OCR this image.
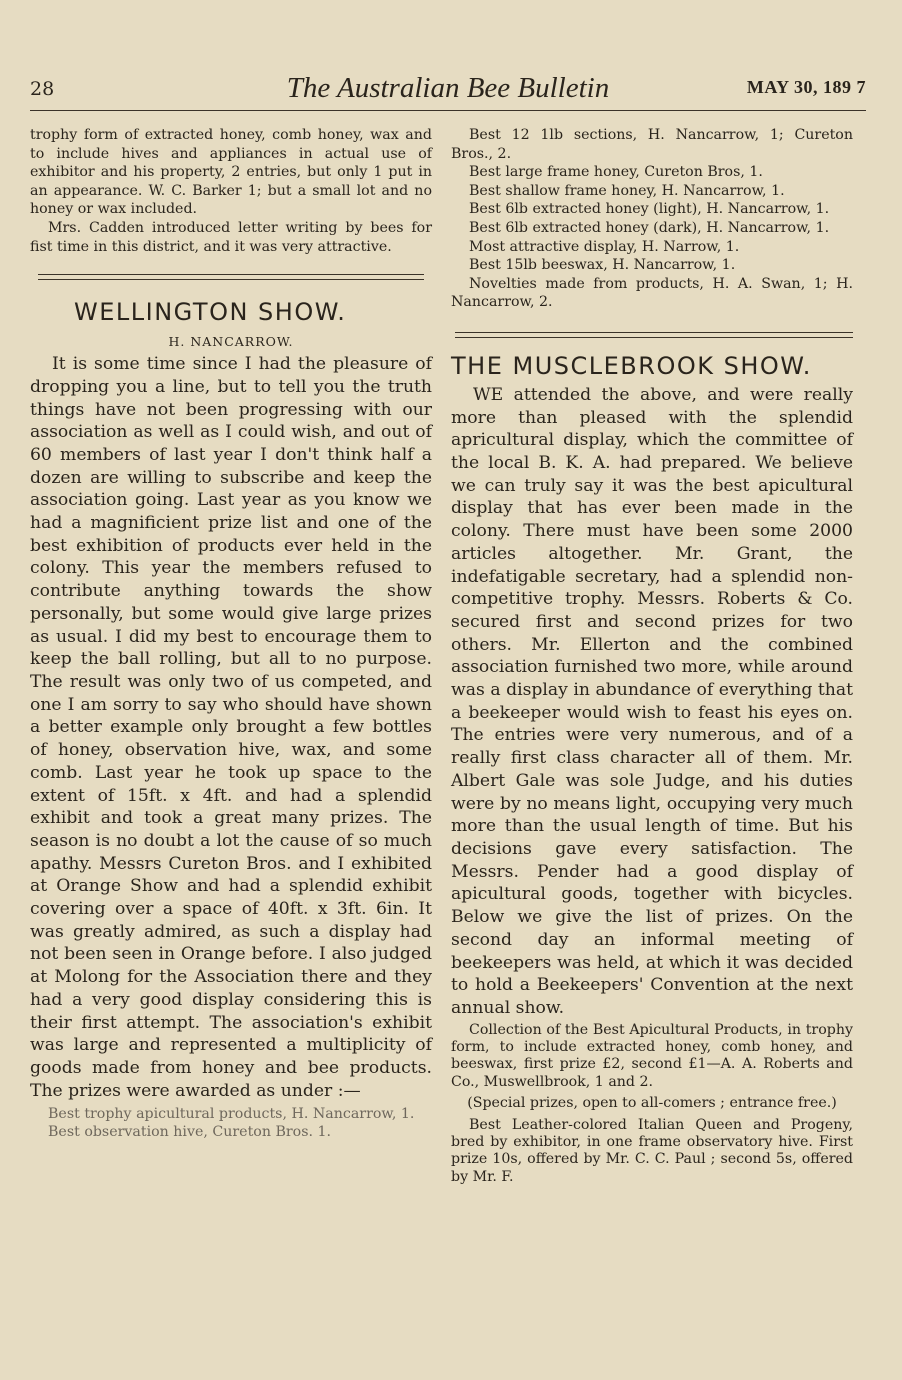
28	The Australian Bee Bulletin	MAY 30, 189 7

trophy form of extracted honey, comb honey, wax and to include hives and appliances in actual use of exhibitor and his property, 2 entries, but only 1 put in an appearance. W. C. Barker 1; but a small lot and no honey or wax included.

Mrs. Cadden introduced letter writing by bees for fist time in this district, and it was very attractive.

WELLINGTON SHOW.
H. NANCARROW.

It is some time since I had the pleasure of dropping you a line, but to tell you the truth things have not been progressing with our association as well as I could wish, and out of 60 members of last year I don't think half a dozen are willing to subscribe and keep the association going. Last year as you know we had a magnificient prize list and one of the best exhibition of products ever held in the colony. This year the members refused to contribute anything towards the show personally, but some would give large prizes as usual. I did my best to encourage them to keep the ball rolling, but all to no purpose. The result was only two of us competed, and one I am sorry to say who should have shown a better example only brought a few bottles of honey, observation hive, wax, and some comb. Last year he took up space to the extent of 15ft. x 4ft. and had a splendid exhibit and took a great many prizes. The season is no doubt a lot the cause of so much apathy. Messrs Cureton Bros. and I exhibited at Orange Show and had a splendid exhibit covering over a space of 40ft. x 3ft. 6in. It was greatly admired, as such a display had not been seen in Orange before. I also judged at Molong for the Association there and they had a very good display considering this is their first attempt. The association's exhibit was large and represented a multiplicity of goods made from honey and bee products. The prizes were awarded as under :—

Best trophy apicultural products, H. Nancarrow, 1.

Best observation hive, Cureton Bros. 1.

Best 12 1lb sections, H. Nancarrow, 1; Cureton Bros., 2.

Best large frame honey, Cureton Bros, 1.

Best shallow frame honey, H. Nancarrow, 1.

Best 6lb extracted honey (light), H. Nancarrow, 1.

Best 6lb extracted honey (dark), H. Nancarrow, 1.

Most attractive display, H. Narrow, 1.

Best 15lb beeswax, H. Nancarrow, 1.

Novelties made from products, H. A. Swan, 1; H. Nancarrow, 2.

THE MUSCLEBROOK SHOW.

WE attended the above, and were really more than pleased with the splendid apricultural display, which the committee of the local B. K. A. had prepared. We believe we can truly say it was the best apicultural display that has ever been made in the colony. There must have been some 2000 articles altogether. Mr. Grant, the indefatigable secretary, had a splendid non-competitive trophy. Messrs. Roberts & Co. secured first and second prizes for two others. Mr. Ellerton and the combined association furnished two more, while around was a display in abundance of everything that a beekeeper would wish to feast his eyes on. The entries were very numerous, and of a really first class character all of them. Mr. Albert Gale was sole Judge, and his duties were by no means light, occupying very much more than the usual length of time. But his decisions gave every satisfaction. The Messrs. Pender had a good display of apicultural goods, together with bicycles. Below we give the list of prizes. On the second day an informal meeting of beekeepers was held, at which it was decided to hold a Beekeepers' Convention at the next annual show.

Collection of the Best Apicultural Products, in trophy form, to include extracted honey, comb honey, and beeswax, first prize £2, second £1—A. A. Roberts and Co., Muswellbrook, 1 and 2.

(Special prizes, open to all-comers ; entrance free.)

Best Leather-colored Italian Queen and Progeny, bred by exhibitor, in one frame observatory hive. First prize 10s, offered by Mr. C. C. Paul ; second 5s, offered by Mr. F.
